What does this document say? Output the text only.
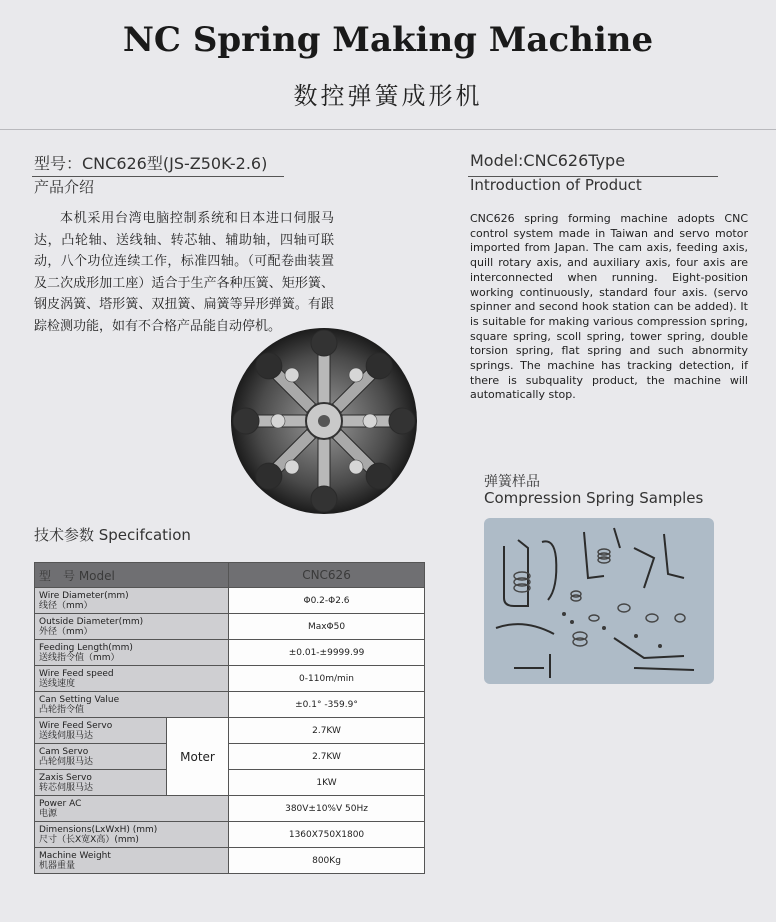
NC Spring Making Machine
数控弹簧成形机
型号：CNC626型(JS-Z50K-2.6)
产品介绍
本机采用台湾电脑控制系统和日本进口伺服马达，凸轮轴、送线轴、转芯轴、辅助轴，四轴可联动，八个功位连续工作，标准四轴。（可配卷曲装置及二次成形加工座）适合于生产各种压簧、矩形簧、钢皮涡簧、塔形簧、双扭簧、扁簧等异形弹簧。有跟踪检测功能，如有不合格产品能自动停机。
Model:CNC626Type
Introduction of Product
CNC626 spring forming machine adopts CNC control system made in Taiwan and servo motor imported from Japan. The cam axis, feeding axis, quill rotary axis, and auxiliary axis, four axis are interconnected when running. Eight-position working continuously, standard four axis. (servo spinner and second hook station can be added). It is suitable for making various compression spring, square spring, scoll spring, tower spring, double torsion spring, flat spring and such abnormity springs. The machine has tracking detection, if there is subquality product, the machine will automatically stop.
弹簧样品
Compression Spring Samples
技术参数 Specifcation
型　号 Model		CNC626

Wire Diameter(mm)
线径（mm）		Φ0.2-Φ2.6

Outside Diameter(mm)
外径（mm）		MaxΦ50

Feeding Length(mm)
送线指令值（mm）		±0.01-±9999.99

Wire Feed speed
送线速度		0-110m/min

Can Setting Value
凸轮指令值		±0.1° -359.9°

Wire Feed Servo
送线伺服马达	Moter	2.7KW

Cam Servo
凸轮伺服马达		2.7KW

Zaxis Servo
转芯伺服马达		1KW

Power AC
电源		380V±10%V 50Hz

Dimensions(LxWxH) (mm)
尺寸（长X宽X高）(mm)		1360X750X1800

Machine Weight
机器重量		800Kg
